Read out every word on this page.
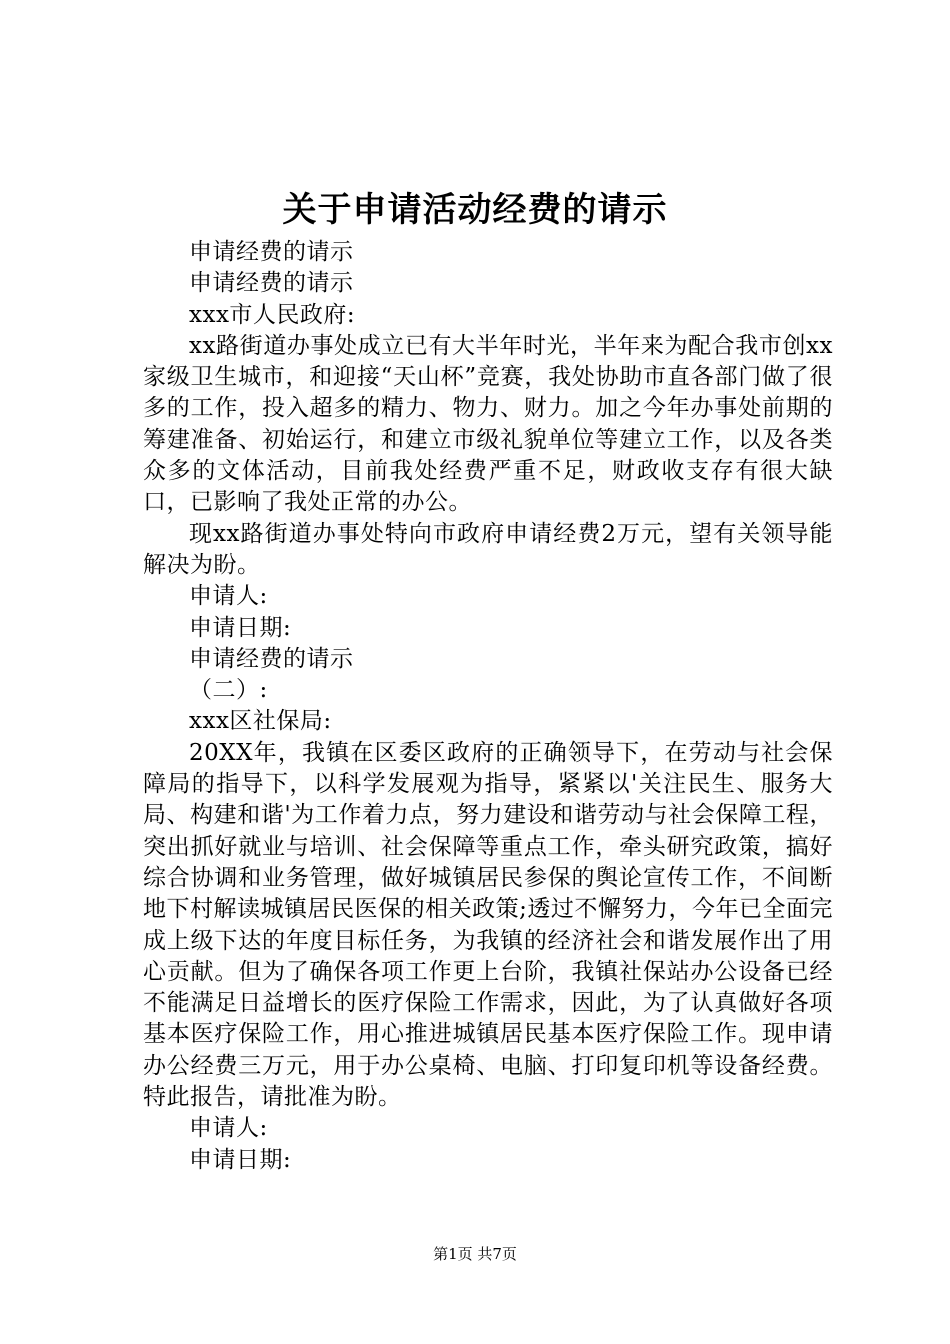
关于申请活动经费的请示

申请经费的请示

申请经费的请示

xxx市人民政府:

xx路街道办事处成立已有大半年时光，半年来为配合我市创xx家级卫生城市，和迎接“天山杯”竞赛，我处协助市直各部门做了很多的工作，投入超多的精力、物力、财力。加之今年办事处前期的筹建准备、初始运行，和建立市级礼貌单位等建立工作，以及各类众多的文体活动，目前我处经费严重不足，财政收支存有很大缺口，已影响了我处正常的办公。

现xx路街道办事处特向市政府申请经费2万元，望有关领导能解决为盼。

申请人:

申请日期:

申请经费的请示

（二）:

xxx区社保局:

20XX年，我镇在区委区政府的正确领导下，在劳动与社会保障局的指导下，以科学发展观为指导，紧紧以'关注民生、服务大局、构建和谐'为工作着力点，努力建设和谐劳动与社会保障工程，突出抓好就业与培训、社会保障等重点工作，牵头研究政策，搞好综合协调和业务管理，做好城镇居民参保的舆论宣传工作，不间断地下村解读城镇居民医保的相关政策;透过不懈努力，今年已全面完成上级下达的年度目标任务，为我镇的经济社会和谐发展作出了用心贡献。但为了确保各项工作更上台阶，我镇社保站办公设备已经不能满足日益增长的医疗保险工作需求，因此，为了认真做好各项基本医疗保险工作，用心推进城镇居民基本医疗保险工作。现申请办公经费三万元，用于办公桌椅、电脑、打印复印机等设备经费。特此报告，请批准为盼。

申请人:

申请日期:

第1页 共7页
